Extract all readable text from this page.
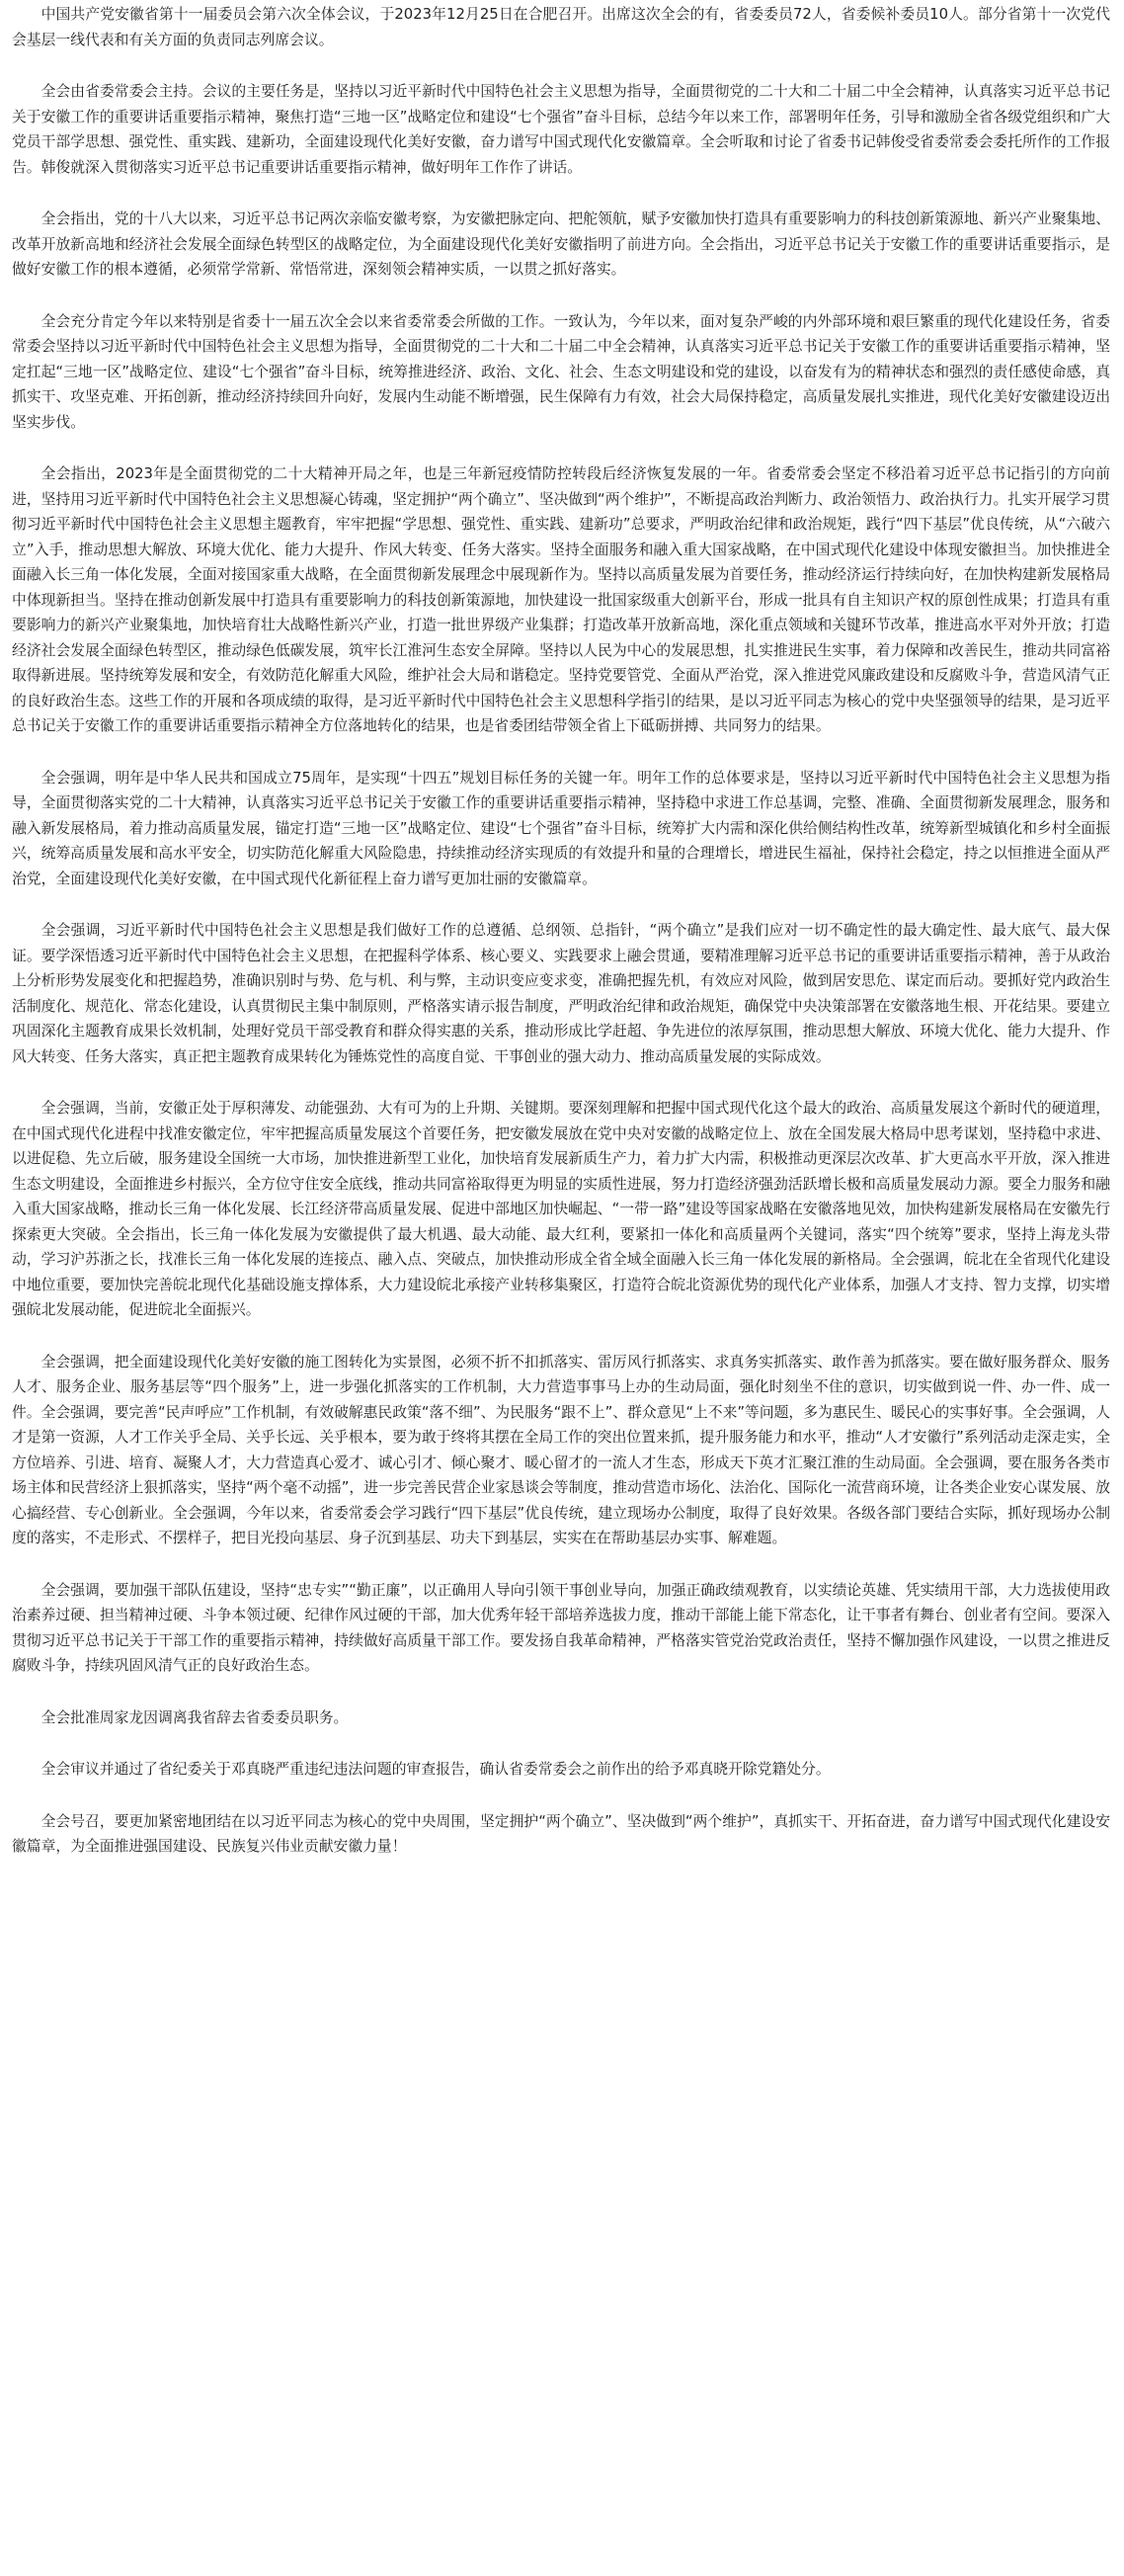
中国共产党安徽省第十一届委员会第六次全体会议，于2023年12月25日在合肥召开。出席这次全会的有，省委委员72人，省委候补委员10人。部分省第十一次党代会基层一线代表和有关方面的负责同志列席会议。

全会由省委常委会主持。会议的主要任务是，坚持以习近平新时代中国特色社会主义思想为指导，全面贯彻党的二十大和二十届二中全会精神，认真落实习近平总书记关于安徽工作的重要讲话重要指示精神，聚焦打造“三地一区”战略定位和建设“七个强省”奋斗目标，总结今年以来工作，部署明年任务，引导和激励全省各级党组织和广大党员干部学思想、强党性、重实践、建新功，全面建设现代化美好安徽，奋力谱写中国式现代化安徽篇章。全会听取和讨论了省委书记韩俊受省委常委会委托所作的工作报告。韩俊就深入贯彻落实习近平总书记重要讲话重要指示精神，做好明年工作作了讲话。

全会指出，党的十八大以来，习近平总书记两次亲临安徽考察，为安徽把脉定向、把舵领航，赋予安徽加快打造具有重要影响力的科技创新策源地、新兴产业聚集地、改革开放新高地和经济社会发展全面绿色转型区的战略定位，为全面建设现代化美好安徽指明了前进方向。全会指出，习近平总书记关于安徽工作的重要讲话重要指示，是做好安徽工作的根本遵循，必须常学常新、常悟常进，深刻领会精神实质，一以贯之抓好落实。

全会充分肯定今年以来特别是省委十一届五次全会以来省委常委会所做的工作。一致认为，今年以来，面对复杂严峻的内外部环境和艰巨繁重的现代化建设任务，省委常委会坚持以习近平新时代中国特色社会主义思想为指导，全面贯彻党的二十大和二十届二中全会精神，认真落实习近平总书记关于安徽工作的重要讲话重要指示精神，坚定扛起“三地一区”战略定位、建设“七个强省”奋斗目标，统筹推进经济、政治、文化、社会、生态文明建设和党的建设，以奋发有为的精神状态和强烈的责任感使命感，真抓实干、攻坚克难、开拓创新，推动经济持续回升向好，发展内生动能不断增强，民生保障有力有效，社会大局保持稳定，高质量发展扎实推进，现代化美好安徽建设迈出坚实步伐。

全会指出，2023年是全面贯彻党的二十大精神开局之年，也是三年新冠疫情防控转段后经济恢复发展的一年。省委常委会坚定不移沿着习近平总书记指引的方向前进，坚持用习近平新时代中国特色社会主义思想凝心铸魂，坚定拥护“两个确立”、坚决做到“两个维护”，不断提高政治判断力、政治领悟力、政治执行力。扎实开展学习贯彻习近平新时代中国特色社会主义思想主题教育，牢牢把握“学思想、强党性、重实践、建新功”总要求，严明政治纪律和政治规矩，践行“四下基层”优良传统，从“六破六立”入手，推动思想大解放、环境大优化、能力大提升、作风大转变、任务大落实。坚持全面服务和融入重大国家战略，在中国式现代化建设中体现安徽担当。加快推进全面融入长三角一体化发展，全面对接国家重大战略，在全面贯彻新发展理念中展现新作为。坚持以高质量发展为首要任务，推动经济运行持续向好，在加快构建新发展格局中体现新担当。坚持在推动创新发展中打造具有重要影响力的科技创新策源地，加快建设一批国家级重大创新平台，形成一批具有自主知识产权的原创性成果；打造具有重要影响力的新兴产业聚集地，加快培育壮大战略性新兴产业，打造一批世界级产业集群；打造改革开放新高地，深化重点领域和关键环节改革，推进高水平对外开放；打造经济社会发展全面绿色转型区，推动绿色低碳发展，筑牢长江淮河生态安全屏障。坚持以人民为中心的发展思想，扎实推进民生实事，着力保障和改善民生，推动共同富裕取得新进展。坚持统筹发展和安全，有效防范化解重大风险，维护社会大局和谐稳定。坚持党要管党、全面从严治党，深入推进党风廉政建设和反腐败斗争，营造风清气正的良好政治生态。这些工作的开展和各项成绩的取得，是习近平新时代中国特色社会主义思想科学指引的结果，是以习近平同志为核心的党中央坚强领导的结果，是习近平总书记关于安徽工作的重要讲话重要指示精神全方位落地转化的结果，也是省委团结带领全省上下砥砺拼搏、共同努力的结果。

全会强调，明年是中华人民共和国成立75周年，是实现“十四五”规划目标任务的关键一年。明年工作的总体要求是，坚持以习近平新时代中国特色社会主义思想为指导，全面贯彻落实党的二十大精神，认真落实习近平总书记关于安徽工作的重要讲话重要指示精神，坚持稳中求进工作总基调，完整、准确、全面贯彻新发展理念，服务和融入新发展格局，着力推动高质量发展，锚定打造“三地一区”战略定位、建设“七个强省”奋斗目标，统筹扩大内需和深化供给侧结构性改革，统筹新型城镇化和乡村全面振兴，统筹高质量发展和高水平安全，切实防范化解重大风险隐患，持续推动经济实现质的有效提升和量的合理增长，增进民生福祉，保持社会稳定，持之以恒推进全面从严治党，全面建设现代化美好安徽，在中国式现代化新征程上奋力谱写更加壮丽的安徽篇章。

全会强调，习近平新时代中国特色社会主义思想是我们做好工作的总遵循、总纲领、总指针，“两个确立”是我们应对一切不确定性的最大确定性、最大底气、最大保证。要学深悟透习近平新时代中国特色社会主义思想，在把握科学体系、核心要义、实践要求上融会贯通，要精准理解习近平总书记的重要讲话重要指示精神，善于从政治上分析形势发展变化和把握趋势，准确识别时与势、危与机、利与弊，主动识变应变求变，准确把握先机，有效应对风险，做到居安思危、谋定而后动。要抓好党内政治生活制度化、规范化、常态化建设，认真贯彻民主集中制原则，严格落实请示报告制度，严明政治纪律和政治规矩，确保党中央决策部署在安徽落地生根、开花结果。要建立巩固深化主题教育成果长效机制，处理好党员干部受教育和群众得实惠的关系，推动形成比学赶超、争先进位的浓厚氛围，推动思想大解放、环境大优化、能力大提升、作风大转变、任务大落实，真正把主题教育成果转化为锤炼党性的高度自觉、干事创业的强大动力、推动高质量发展的实际成效。

全会强调，当前，安徽正处于厚积薄发、动能强劲、大有可为的上升期、关键期。要深刻理解和把握中国式现代化这个最大的政治、高质量发展这个新时代的硬道理，在中国式现代化进程中找准安徽定位，牢牢把握高质量发展这个首要任务，把安徽发展放在党中央对安徽的战略定位上、放在全国发展大格局中思考谋划，坚持稳中求进、以进促稳、先立后破，服务建设全国统一大市场，加快推进新型工业化，加快培育发展新质生产力，着力扩大内需，积极推动更深层次改革、扩大更高水平开放，深入推进生态文明建设，全面推进乡村振兴，全方位守住安全底线，推动共同富裕取得更为明显的实质性进展，努力打造经济强劲活跃增长极和高质量发展动力源。要全力服务和融入重大国家战略，推动长三角一体化发展、长江经济带高质量发展、促进中部地区加快崛起、“一带一路”建设等国家战略在安徽落地见效，加快构建新发展格局在安徽先行探索更大突破。全会指出，长三角一体化发展为安徽提供了最大机遇、最大动能、最大红利，要紧扣一体化和高质量两个关键词，落实“四个统筹”要求，坚持上海龙头带动，学习沪苏浙之长，找准长三角一体化发展的连接点、融入点、突破点，加快推动形成全省全域全面融入长三角一体化发展的新格局。全会强调，皖北在全省现代化建设中地位重要，要加快完善皖北现代化基础设施支撑体系，大力建设皖北承接产业转移集聚区，打造符合皖北资源优势的现代化产业体系，加强人才支持、智力支撑，切实增强皖北发展动能，促进皖北全面振兴。

全会强调，把全面建设现代化美好安徽的施工图转化为实景图，必须不折不扣抓落实、雷厉风行抓落实、求真务实抓落实、敢作善为抓落实。要在做好服务群众、服务人才、服务企业、服务基层等“四个服务”上，进一步强化抓落实的工作机制，大力营造事事马上办的生动局面，强化时刻坐不住的意识，切实做到说一件、办一件、成一件。全会强调，要完善“民声呼应”工作机制，有效破解惠民政策“落不细”、为民服务“跟不上”、群众意见“上不来”等问题，多为惠民生、暖民心的实事好事。全会强调，人才是第一资源，人才工作关乎全局、关乎长远、关乎根本，要为敢于终将其摆在全局工作的突出位置来抓，提升服务能力和水平，推动“人才安徽行”系列活动走深走实，全方位培养、引进、培育、凝聚人才，大力营造真心爱才、诚心引才、倾心聚才、暖心留才的一流人才生态，形成天下英才汇聚江淮的生动局面。全会强调，要在服务各类市场主体和民营经济上狠抓落实，坚持“两个毫不动摇”，进一步完善民营企业家恳谈会等制度，推动营造市场化、法治化、国际化一流营商环境，让各类企业安心谋发展、放心搞经营、专心创新业。全会强调，今年以来，省委常委会学习践行“四下基层”优良传统，建立现场办公制度，取得了良好效果。各级各部门要结合实际，抓好现场办公制度的落实，不走形式、不摆样子，把目光投向基层、身子沉到基层、功夫下到基层，实实在在帮助基层办实事、解难题。

全会强调，要加强干部队伍建设，坚持“忠专实”“勤正廉”，以正确用人导向引领干事创业导向，加强正确政绩观教育，以实绩论英雄、凭实绩用干部，大力选拔使用政治素养过硬、担当精神过硬、斗争本领过硬、纪律作风过硬的干部，加大优秀年轻干部培养选拔力度，推动干部能上能下常态化，让干事者有舞台、创业者有空间。要深入贯彻习近平总书记关于干部工作的重要指示精神，持续做好高质量干部工作。要发扬自我革命精神，严格落实管党治党政治责任，坚持不懈加强作风建设，一以贯之推进反腐败斗争，持续巩固风清气正的良好政治生态。

全会批准周家龙因调离我省辞去省委委员职务。

全会审议并通过了省纪委关于邓真晓严重违纪违法问题的审查报告，确认省委常委会之前作出的给予邓真晓开除党籍处分。

全会号召，要更加紧密地团结在以习近平同志为核心的党中央周围，坚定拥护“两个确立”、坚决做到“两个维护”，真抓实干、开拓奋进，奋力谱写中国式现代化建设安徽篇章，为全面推进强国建设、民族复兴伟业贡献安徽力量！
